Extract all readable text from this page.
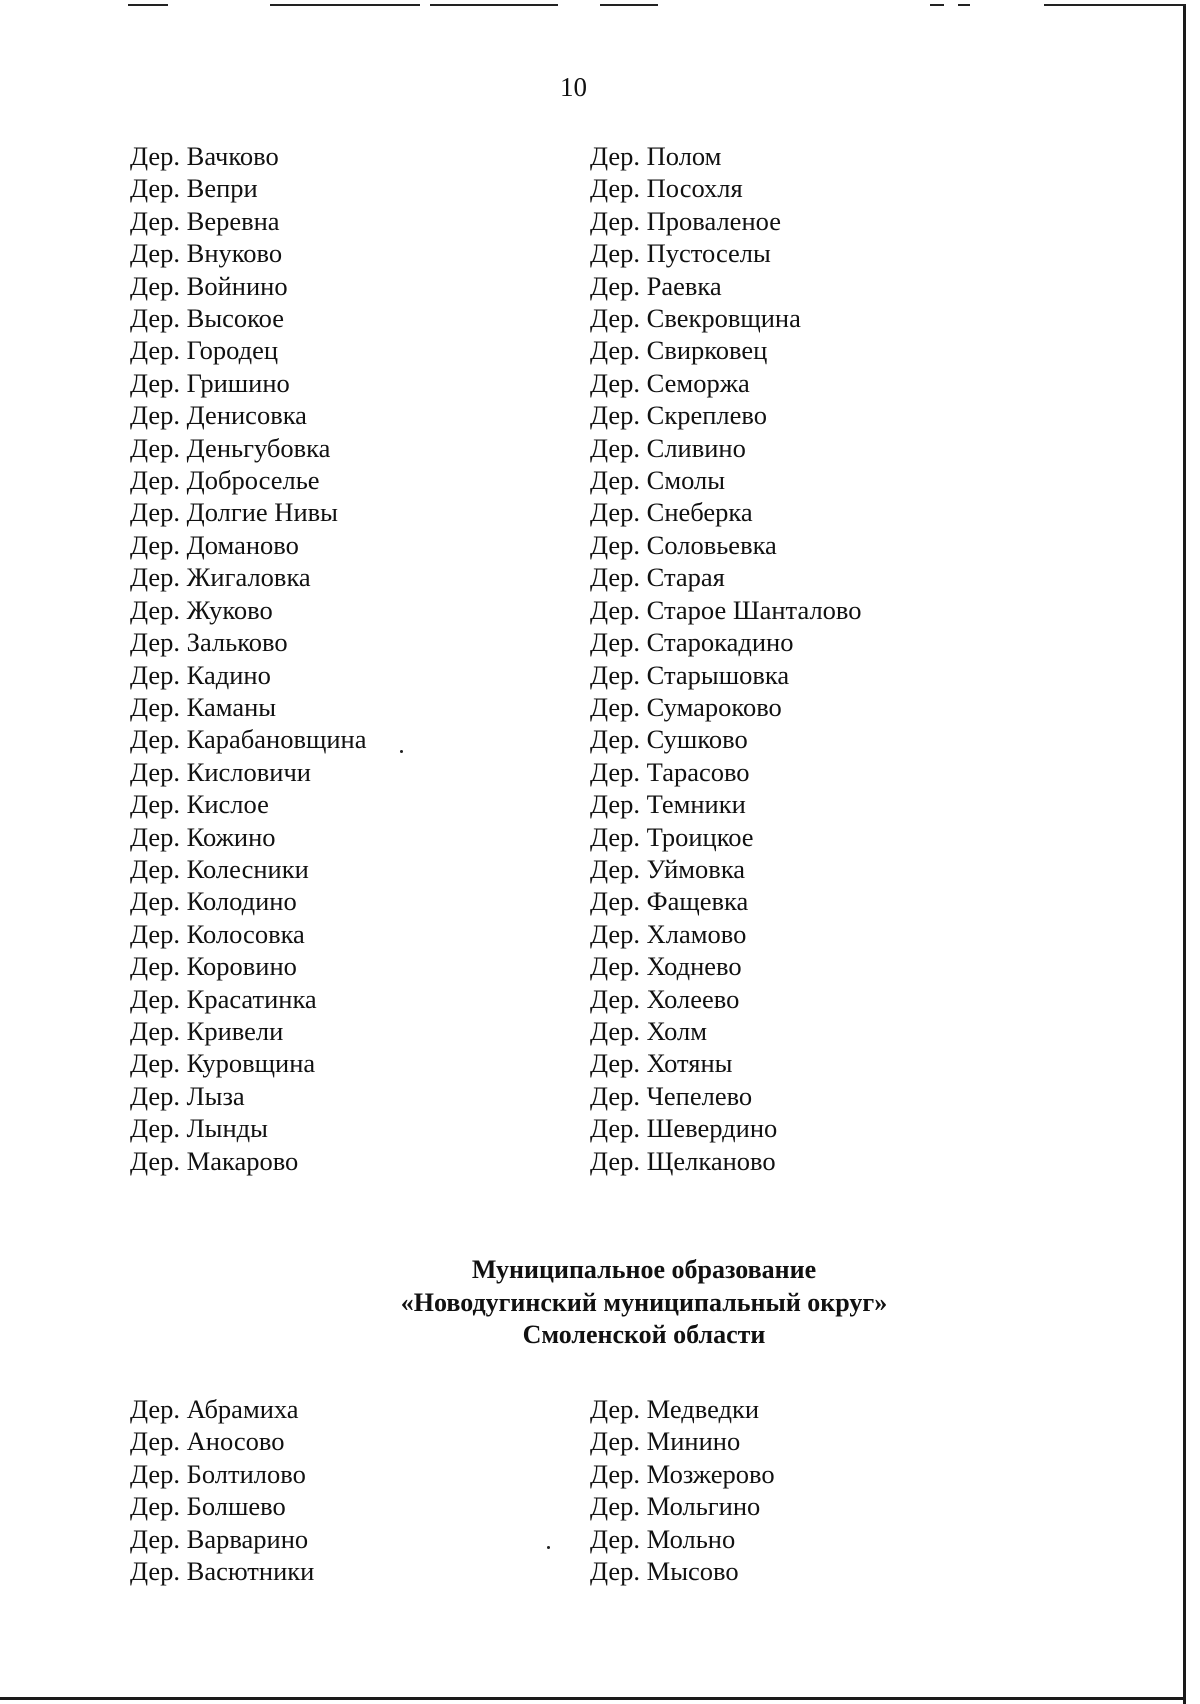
10
Дер. Вачково
Дер. Вепри
Дер. Веревна
Дер. Внуково
Дер. Войнино
Дер. Высокое
Дер. Городец
Дер. Гришино
Дер. Денисовка
Дер. Деньгубовка
Дер. Доброселье
Дер. Долгие Нивы
Дер. Доманово
Дер. Жигаловка
Дер. Жуково
Дер. Зальково
Дер. Кадино
Дер. Каманы
Дер. Карабановщина
Дер. Кисловичи
Дер. Кислое
Дер. Кожино
Дер. Колесники
Дер. Колодино
Дер. Колосовка
Дер. Коровино
Дер. Красатинка
Дер. Кривели
Дер. Куровщина
Дер. Лыза
Дер. Лынды
Дер. Макарово
Дер. Полом
Дер. Посохля
Дер. Проваленое
Дер. Пустоселы
Дер. Раевка
Дер. Свекровщина
Дер. Свирковец
Дер. Семоржа
Дер. Скреплево
Дер. Сливино
Дер. Смолы
Дер. Снеберка
Дер. Соловьевка
Дер. Старая
Дер. Старое Шанталово
Дер. Старокадино
Дер. Старышовка
Дер. Сумароково
Дер. Сушково
Дер. Тарасово
Дер. Темники
Дер. Троицкое
Дер. Уймовка
Дер. Фащевка
Дер. Хламово
Дер. Ходнево
Дер. Холеево
Дер. Холм
Дер. Хотяны
Дер. Чепелево
Дер. Шевердино
Дер. Щелканово
Муниципальное образование
«Новодугинский муниципальный округ»
Смоленской области
Дер. Абрамиха
Дер. Аносово
Дер. Болтилово
Дер. Болшево
Дер. Варварино
Дер. Васютники
Дер. Медведки
Дер. Минино
Дер. Мозжерово
Дер. Мольгино
Дер. Мольно
Дер. Мысово
